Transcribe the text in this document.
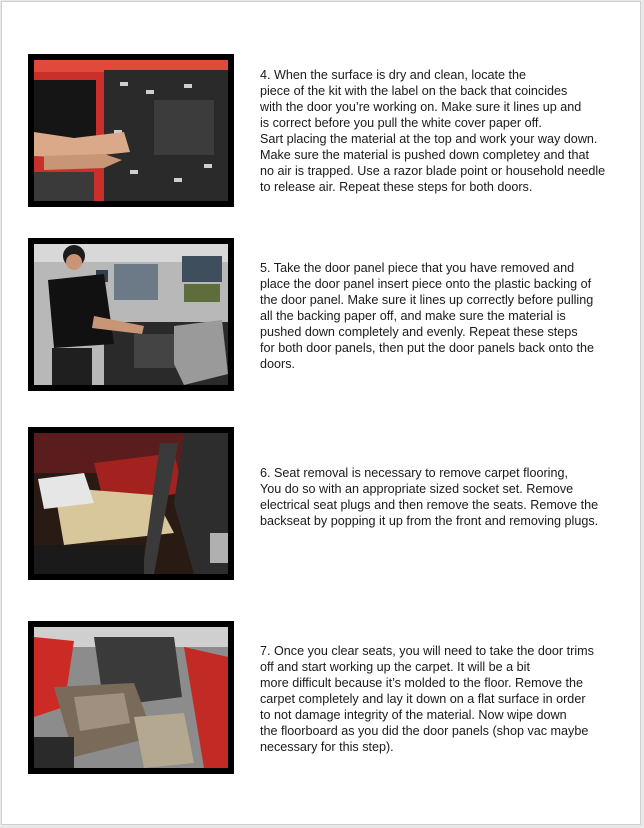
4. When the surface is dry and clean, locate the
piece of the kit with the label on the back that coincides
with the door you’re working on. Make sure it lines up and
is correct before you pull the white cover paper off.
Sart placing the material at the top and work your way down.
Make sure the material is pushed down completey and that
no air is trapped. Use a razor blade point or household needle
to release air. Repeat these steps for both doors.
5. Take the door panel piece that you have removed and
place the door panel insert piece onto the plastic backing of
the door panel. Make sure it lines up correctly before pulling
all the backing paper off, and make sure the material is
pushed down completely and evenly. Repeat these steps
for both door panels, then put the door panels back onto the
doors.
6. Seat removal is necessary to remove carpet flooring,
You do so with an appropriate sized socket set. Remove
electrical seat plugs and then remove the seats. Remove the
backseat by popping it up from the front and removing plugs.
7. Once you clear seats, you will need to take the door trims
off and start working up the carpet. It will be a bit
more difficult because it’s molded to the floor. Remove the
carpet completely and lay it down on a flat surface in order
to not damage integrity of the material. Now wipe down
the floorboard as you did the door panels (shop vac maybe
necessary for this step).
